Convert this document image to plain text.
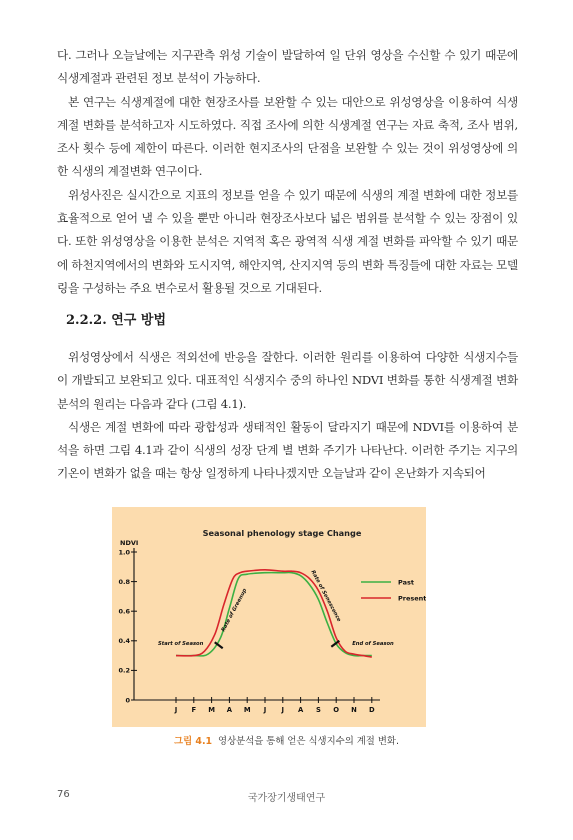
다. 그러나 오늘날에는 지구관측 위성 기술이 발달하여 일 단위 영상을 수신할 수 있기 때문에 식생계절과 관련된 정보 분석이 가능하다.

본 연구는 식생계절에 대한 현장조사를 보완할 수 있는 대안으로 위성영상을 이용하여 식생계절 변화를 분석하고자 시도하였다. 직접 조사에 의한 식생계절 연구는 자료 축적, 조사 범위, 조사 횟수 등에 제한이 따른다. 이러한 현지조사의 단점을 보완할 수 있는 것이 위성영상에 의한 식생의 계절변화 연구이다.

위성사진은 실시간으로 지표의 정보를 얻을 수 있기 때문에 식생의 계절 변화에 대한 정보를 효율적으로 얻어 낼 수 있을 뿐만 아니라 현장조사보다 넓은 범위를 분석할 수 있는 장점이 있다. 또한 위성영상을 이용한 분석은 지역적 혹은 광역적 식생 계절 변화를 파악할 수 있기 때문에 하천지역에서의 변화와 도시지역, 해안지역, 산지지역 등의 변화 특징들에 대한 자료는 모델링을 구성하는 주요 변수로서 활용될 것으로 기대된다.

2.2.2. 연구 방법

위성영상에서 식생은 적외선에 반응을 잘한다. 이러한 원리를 이용하여 다양한 식생지수들이 개발되고 보완되고 있다. 대표적인 식생지수 중의 하나인 NDVI 변화를 통한 식생계절 변화 분석의 원리는 다음과 같다 (그림 4.1).

식생은 계절 변화에 따라 광합성과 생태적인 활동이 달라지기 때문에 NDVI를 이용하여 분석을 하면 그림 4.1과 같이 식생의 성장 단계 별 변화 주기가 나타난다. 이러한 주기는 지구의 기온이 변화가 없을 때는 항상 일정하게 나타나겠지만 오늘날과 같이 온난화가 지속되어

Seasonal phenology stage Change
NDVI
0
0.2
0.4
0.6
0.8
1.0
J F M A M J J A S O N D
Start of Season
Rate of Greenup	Rate of Senescence
End of Season
Past
Present
그림 4.1 영상분석을 통해 얻은 식생지수의 계절 변화.
76	국가장기생태연구
